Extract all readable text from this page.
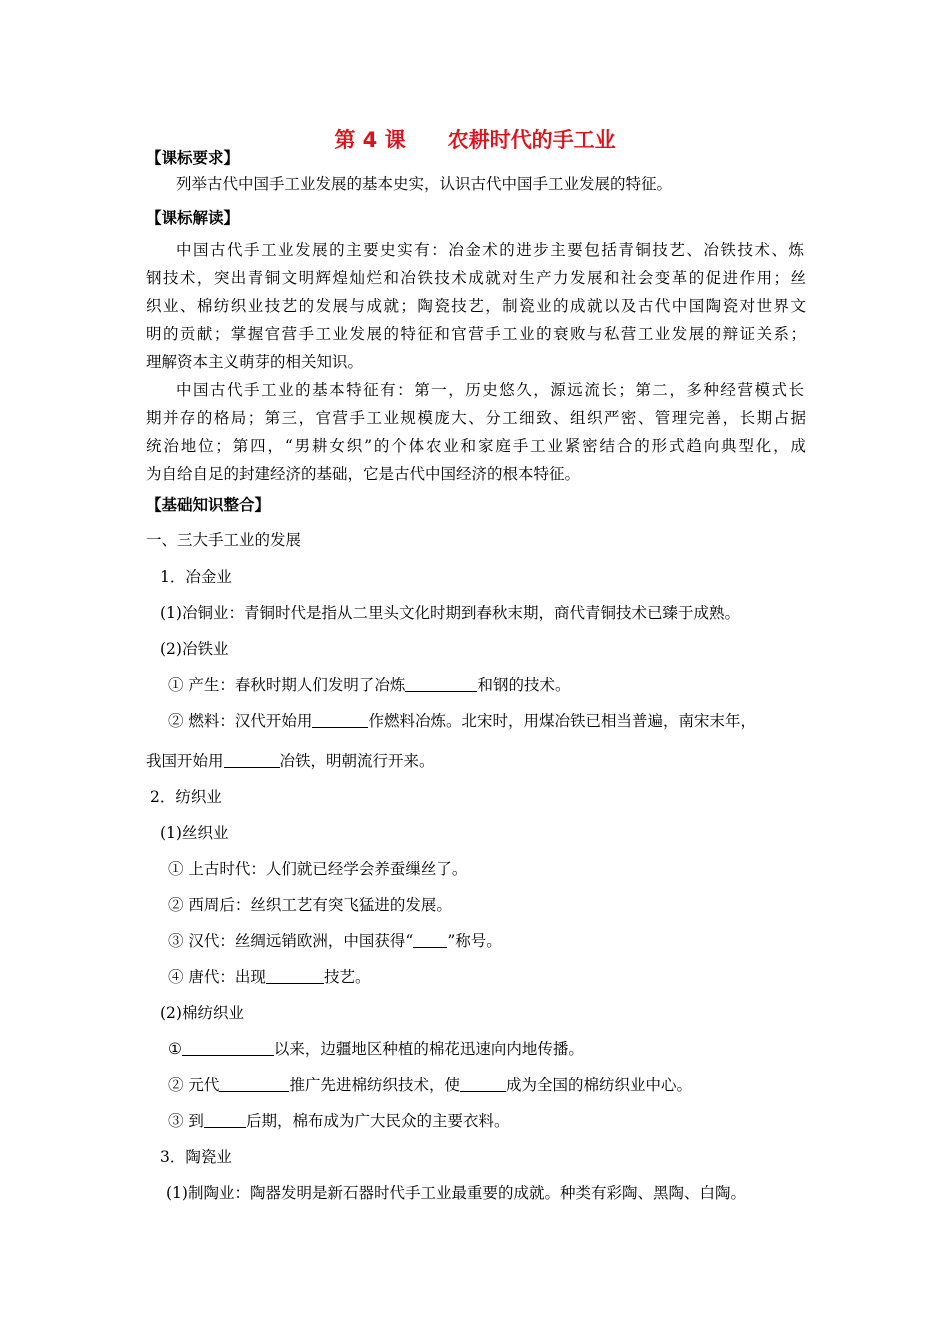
第 4 课　　农耕时代的手工业
【课标要求】
列举古代中国手工业发展的基本史实，认识古代中国手工业发展的特征。
【课标解读】
中国古代手工业发展的主要史实有：冶金术的进步主要包括青铜技艺、冶铁技术、炼
钢技术，突出青铜文明辉煌灿烂和冶铁技术成就对生产力发展和社会变革的促进作用；丝
织业、棉纺织业技艺的发展与成就；陶瓷技艺，制瓷业的成就以及古代中国陶瓷对世界文
明的贡献；掌握官营手工业发展的特征和官营手工业的衰败与私营工业发展的辩证关系；
理解资本主义萌芽的相关知识。
中国古代手工业的基本特征有：第一，历史悠久，源远流长；第二，多种经营模式长
期并存的格局；第三，官营手工业规模庞大、分工细致、组织严密、管理完善，长期占据
统治地位；第四，“男耕女织”的个体农业和家庭手工业紧密结合的形式趋向典型化，成
为自给自足的封建经济的基础，它是古代中国经济的根本特征。
【基础知识整合】
一、三大手工业的发展
1．冶金业
(1)冶铜业：青铜时代是指从二里头文化时期到春秋末期，商代青铜技术已臻于成熟。
(2)冶铁业
① 产生：春秋时期人们发明了冶炼	和钢的技术。
② 燃料：汉代开始用	作燃料冶炼。北宋时，用煤冶铁已相当普遍，南宋末年，
我国开始用	冶铁，明朝流行开来。
2．纺织业
(1)丝织业
① 上古时代：人们就已经学会养蚕缫丝了。
② 西周后：丝织工艺有突飞猛进的发展。
③ 汉代：丝绸远销欧洲，中国获得“ ”称号。
④ 唐代：出现	技艺。
(2)棉纺织业
①	以来，边疆地区种植的棉花迅速向内地传播。
② 元代	推广先进棉纺织技术，使	成为全国的棉纺织业中心。
③ 到	后期，棉布成为广大民众的主要衣料。
3．陶瓷业
(1)制陶业：陶器发明是新石器时代手工业最重要的成就。种类有彩陶、黑陶、白陶。
